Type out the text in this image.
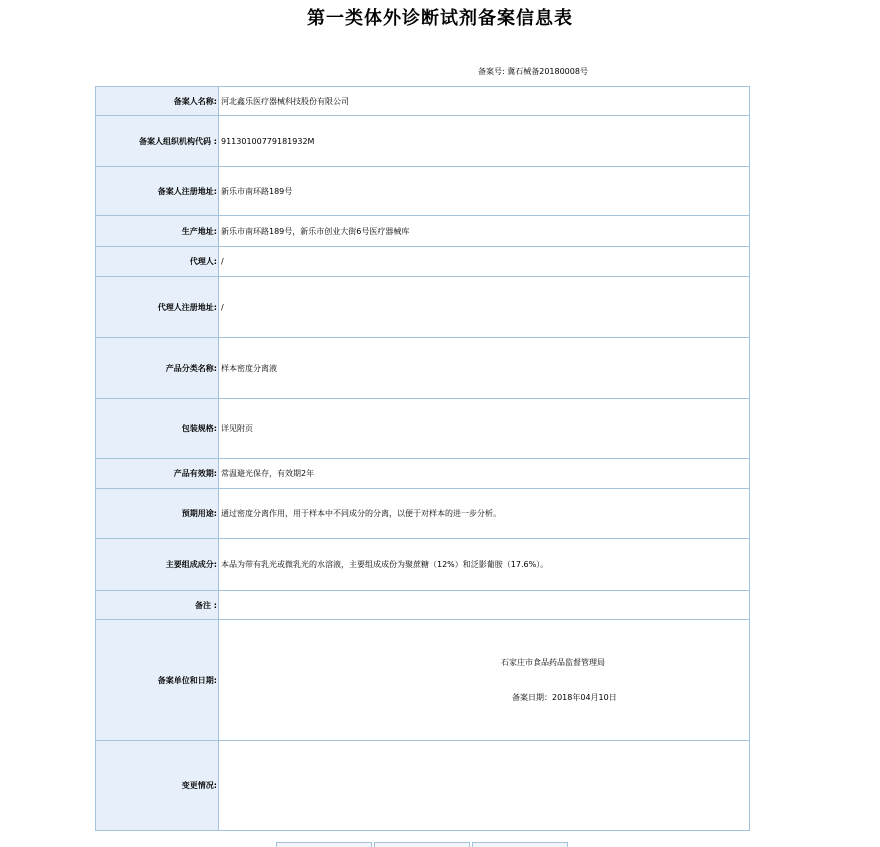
第一类体外诊断试剂备案信息表
备案号: 冀石械备20180008号
备案人名称:	河北鑫乐医疗器械科技股份有限公司
备案人组织机构代码 :	91130100779181932M
备案人注册地址:	新乐市南环路189号
生产地址:	新乐市南环路189号，新乐市创业大街6号医疗器械库
代理人:	/
代理人注册地址:	/
产品分类名称:	样本密度分离液
包装规格:	详见附页
产品有效期:	常温避光保存，有效期2年
预期用途:	通过密度分离作用，用于样本中不同成分的分离，以便于对样本的进一步分析。
主要组成成分:	本品为带有乳光或微乳光的水溶液，主要组成成份为聚蔗糖（12%）和泛影葡胺（17.6%）。
备注 :	
备案单位和日期:	石家庄市食品药品监督管理局
备案日期：2018年04月10日

变更情况:	
